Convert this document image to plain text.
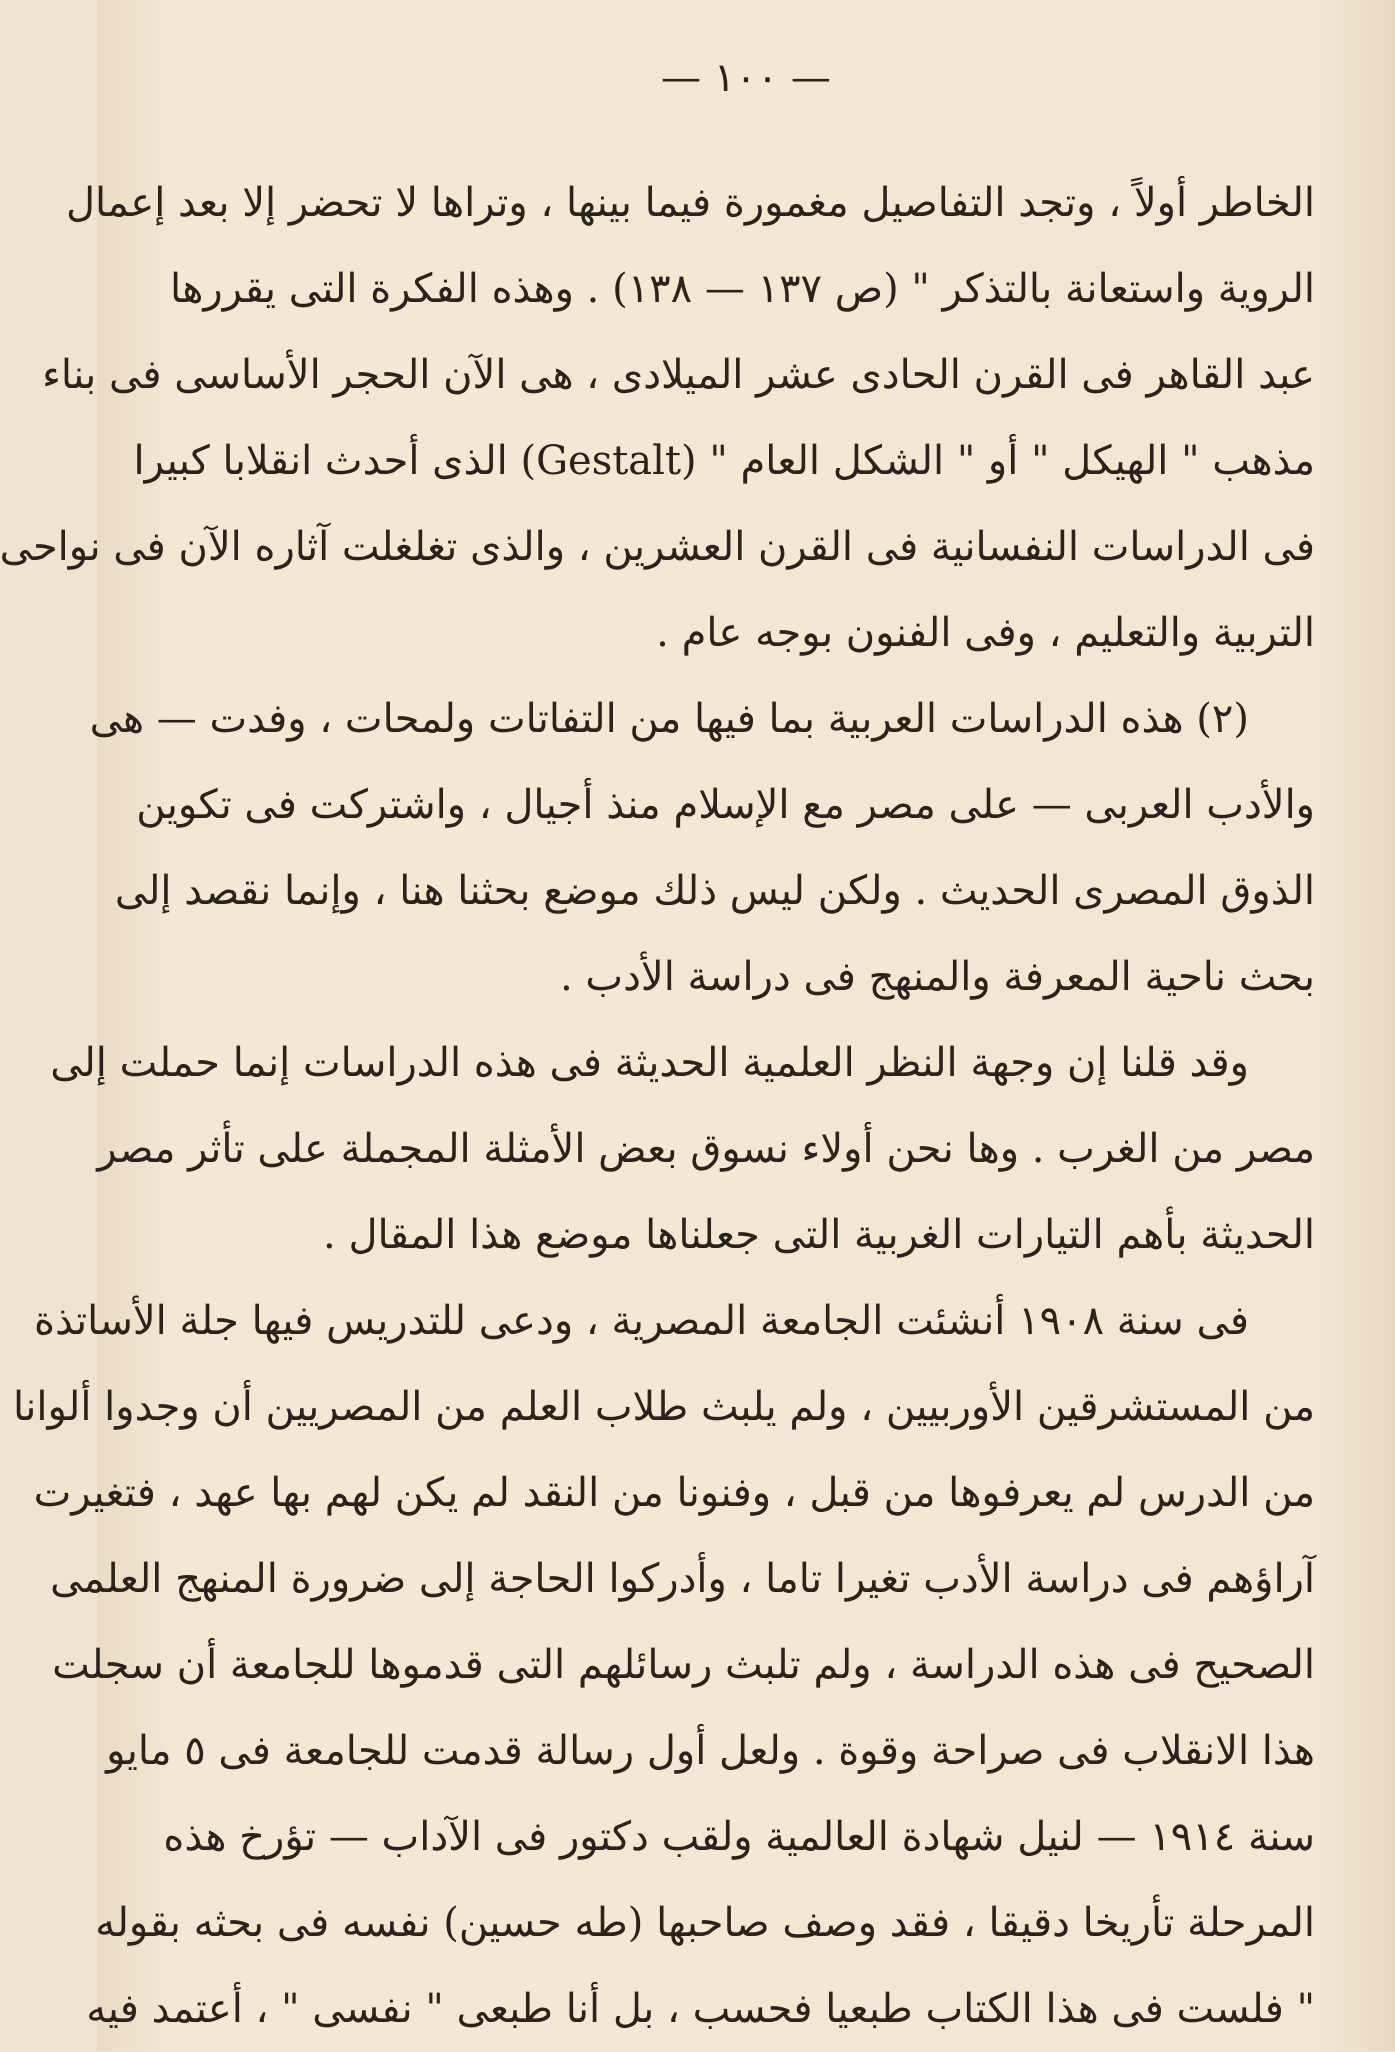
— ١٠٠ —
الخاطر أولاً ، وتجد التفاصيل مغمورة فيما بينها ، وتراها لا تحضر إلا بعد إعمال
الروية واستعانة بالتذكر " (ص ١٣٧ — ١٣٨) . وهذه الفكرة التى يقررها
عبد القاهر فى القرن الحادى عشر الميلادى ، هى الآن الحجر الأساسى فى بناء
مذهب " الهيكل " أو " الشكل العام " (Gestalt) الذى أحدث انقلابا كبيرا
فى الدراسات النفسانية فى القرن العشرين ، والذى تغلغلت آثاره الآن فى نواحى
التربية والتعليم ، وفى الفنون بوجه عام .
(٢) هذه الدراسات العربية بما فيها من التفاتات ولمحات ، وفدت — هى
والأدب العربى — على مصر مع الإسلام منذ أجيال ، واشتركت فى تكوين
الذوق المصرى الحديث . ولكن ليس ذلك موضع بحثنا هنا ، وإنما نقصد إلى
بحث ناحية المعرفة والمنهج فى دراسة الأدب .
وقد قلنا إن وجهة النظر العلمية الحديثة فى هذه الدراسات إنما حملت إلى
مصر من الغرب . وها نحن أولاء نسوق بعض الأمثلة المجملة على تأثر مصر
الحديثة بأهم التيارات الغربية التى جعلناها موضع هذا المقال .
فى سنة ١٩٠٨ أنشئت الجامعة المصرية ، ودعى للتدريس فيها جلة الأساتذة
من المستشرقين الأوربيين ، ولم يلبث طلاب العلم من المصريين أن وجدوا ألوانا
من الدرس لم يعرفوها من قبل ، وفنونا من النقد لم يكن لهم بها عهد ، فتغيرت
آراؤهم فى دراسة الأدب تغيرا تاما ، وأدركوا الحاجة إلى ضرورة المنهج العلمى
الصحيح فى هذه الدراسة ، ولم تلبث رسائلهم التى قدموها للجامعة أن سجلت
هذا الانقلاب فى صراحة وقوة . ولعل أول رسالة قدمت للجامعة فى ٥ مايو
سنة ١٩١٤ — لنيل شهادة العالمية ولقب دكتور فى الآداب — تؤرخ هذه
المرحلة تأريخا دقيقا ، فقد وصف صاحبها (طه حسين) نفسه فى بحثه بقوله
" فلست فى هذا الكتاب طبعيا فحسب ، بل أنا طبعى " نفسى " ، أعتمد فيه
